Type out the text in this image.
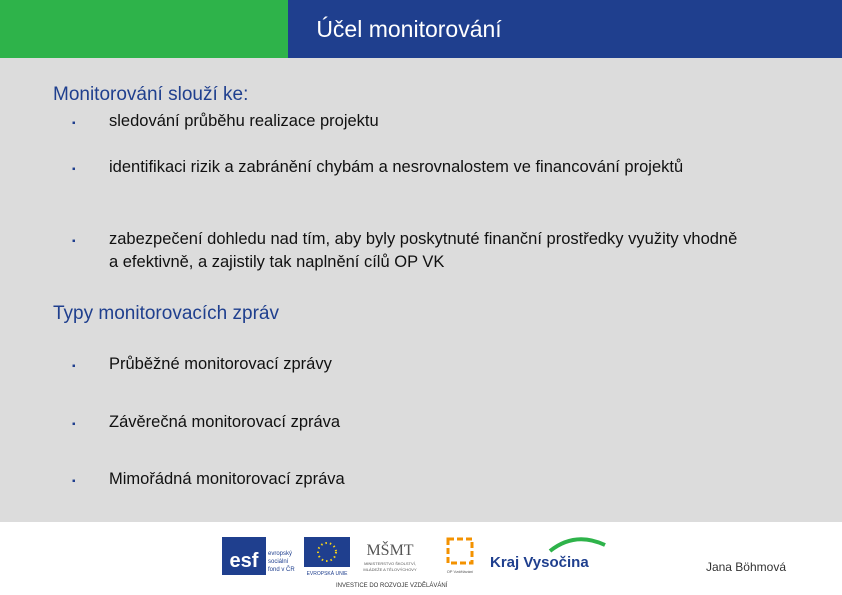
Účel monitorování
Monitorování slouží ke:
▪ sledování průběhu realizace projektu
▪ identifikaci rizik a zabránění chybám a nesrovnalostem ve financování projektů
▪ zabezpečení dohledu nad tím, aby byly poskytnuté finanční prostředky využity vhodně a efektivně, a zajistily tak naplnění cílů OP VK
Typy monitorovacích zpráv
▪ Průběžné monitorovací zprávy
▪ Závěrečná monitorovací zpráva
▪ Mimořádná monitorovací zpráva
esf evropský
sociální
fond v ČR
EVROPSKÁ UNIE
MŠMT
MINISTERSTVO ŠKOLSTVÍ,
MLÁDEŽE A TĚLOVÝCHOVY	OP Vzdělávání
Kraj Vysočina
INVESTICE DO ROZVOJE VZDĚLÁVÁNÍ
Jana Böhmová
